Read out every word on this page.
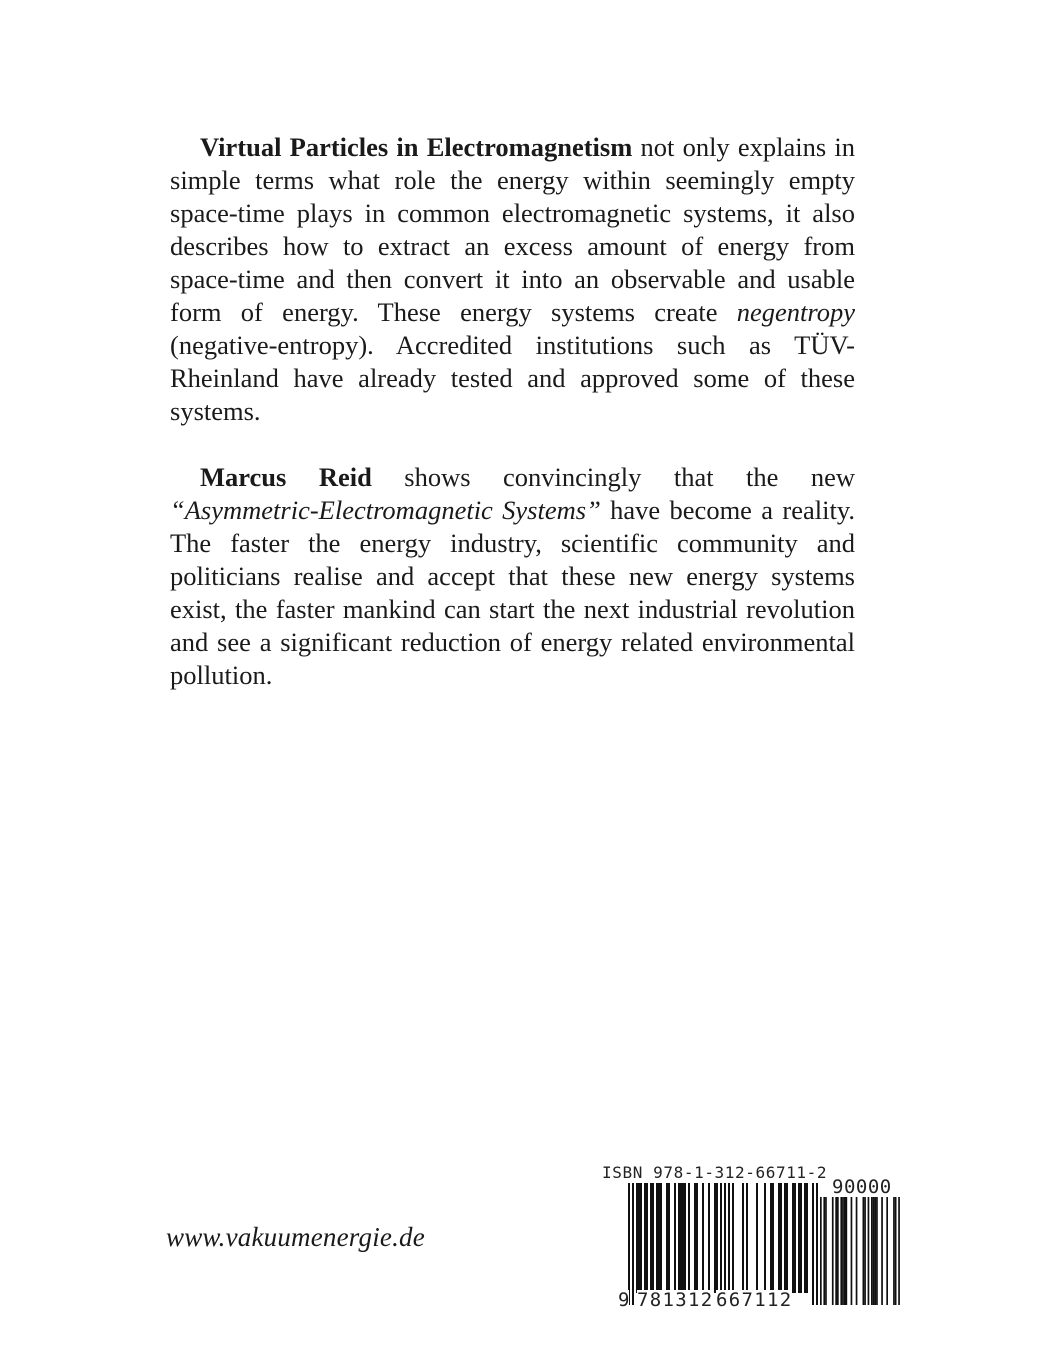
Virtual Particles in Electromagnetism not only explains in simple terms what role the energy within seemingly empty space-time plays in common electromagnetic systems, it also describes how to extract an excess amount of energy from space-time and then convert it into an observable and usable form of energy. These energy systems create negentropy (negative-entropy). Accredited institutions such as TÜV-Rheinland have already tested and approved some of these systems.

Marcus Reid shows convincingly that the new “Asymmetric-Electromagnetic Systems” have become a reality. The faster the energy industry, scientific community and politicians realise and accept that these new energy systems exist, the faster mankind can start the next industrial revolution and see a significant reduction of energy related environmental pollution.

www.vakuumenergie.de
ISBN 978-1-312-66711-2
90000
9 781312 667112
